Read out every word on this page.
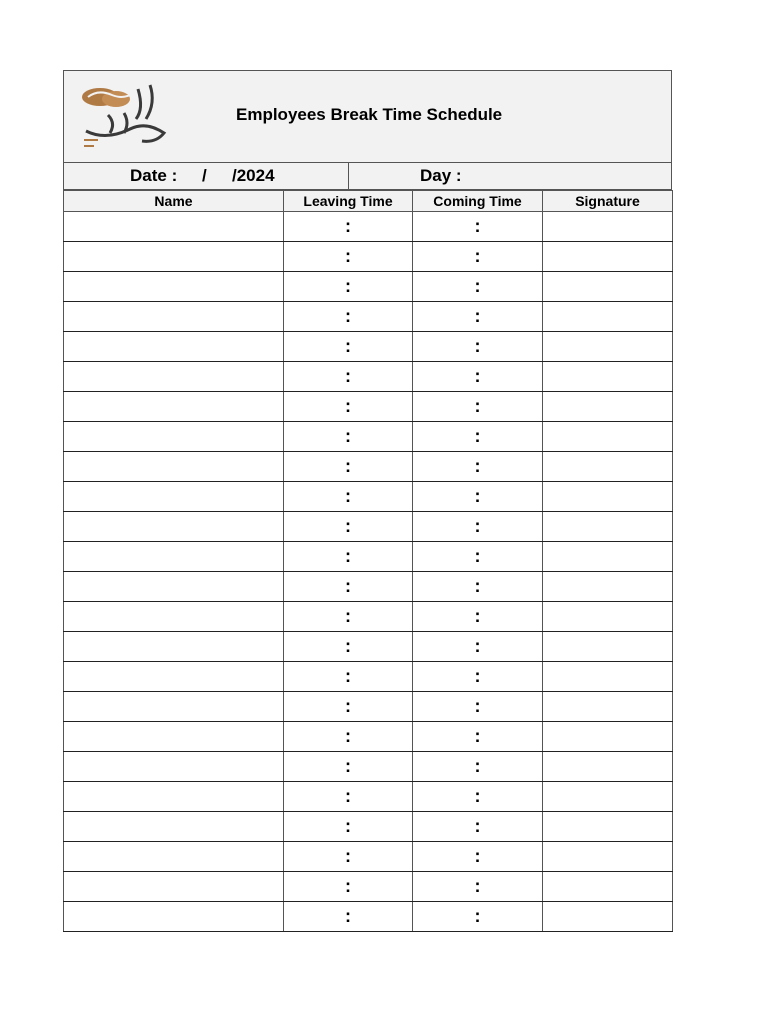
Employees Break Time Schedule
Date : / /2024	Day :
Name	Leaving Time	Coming Time	Signature
	:	:	
	:	:	
	:	:	
	:	:	
	:	:	
	:	:	
	:	:	
	:	:	
	:	:	
	:	:	
	:	:	
	:	:	
	:	:	
	:	:	
	:	:	
	:	:	
	:	:	
	:	:	
	:	:	
	:	:	
	:	:	
	:	:	
	:	:	
	:	:	
